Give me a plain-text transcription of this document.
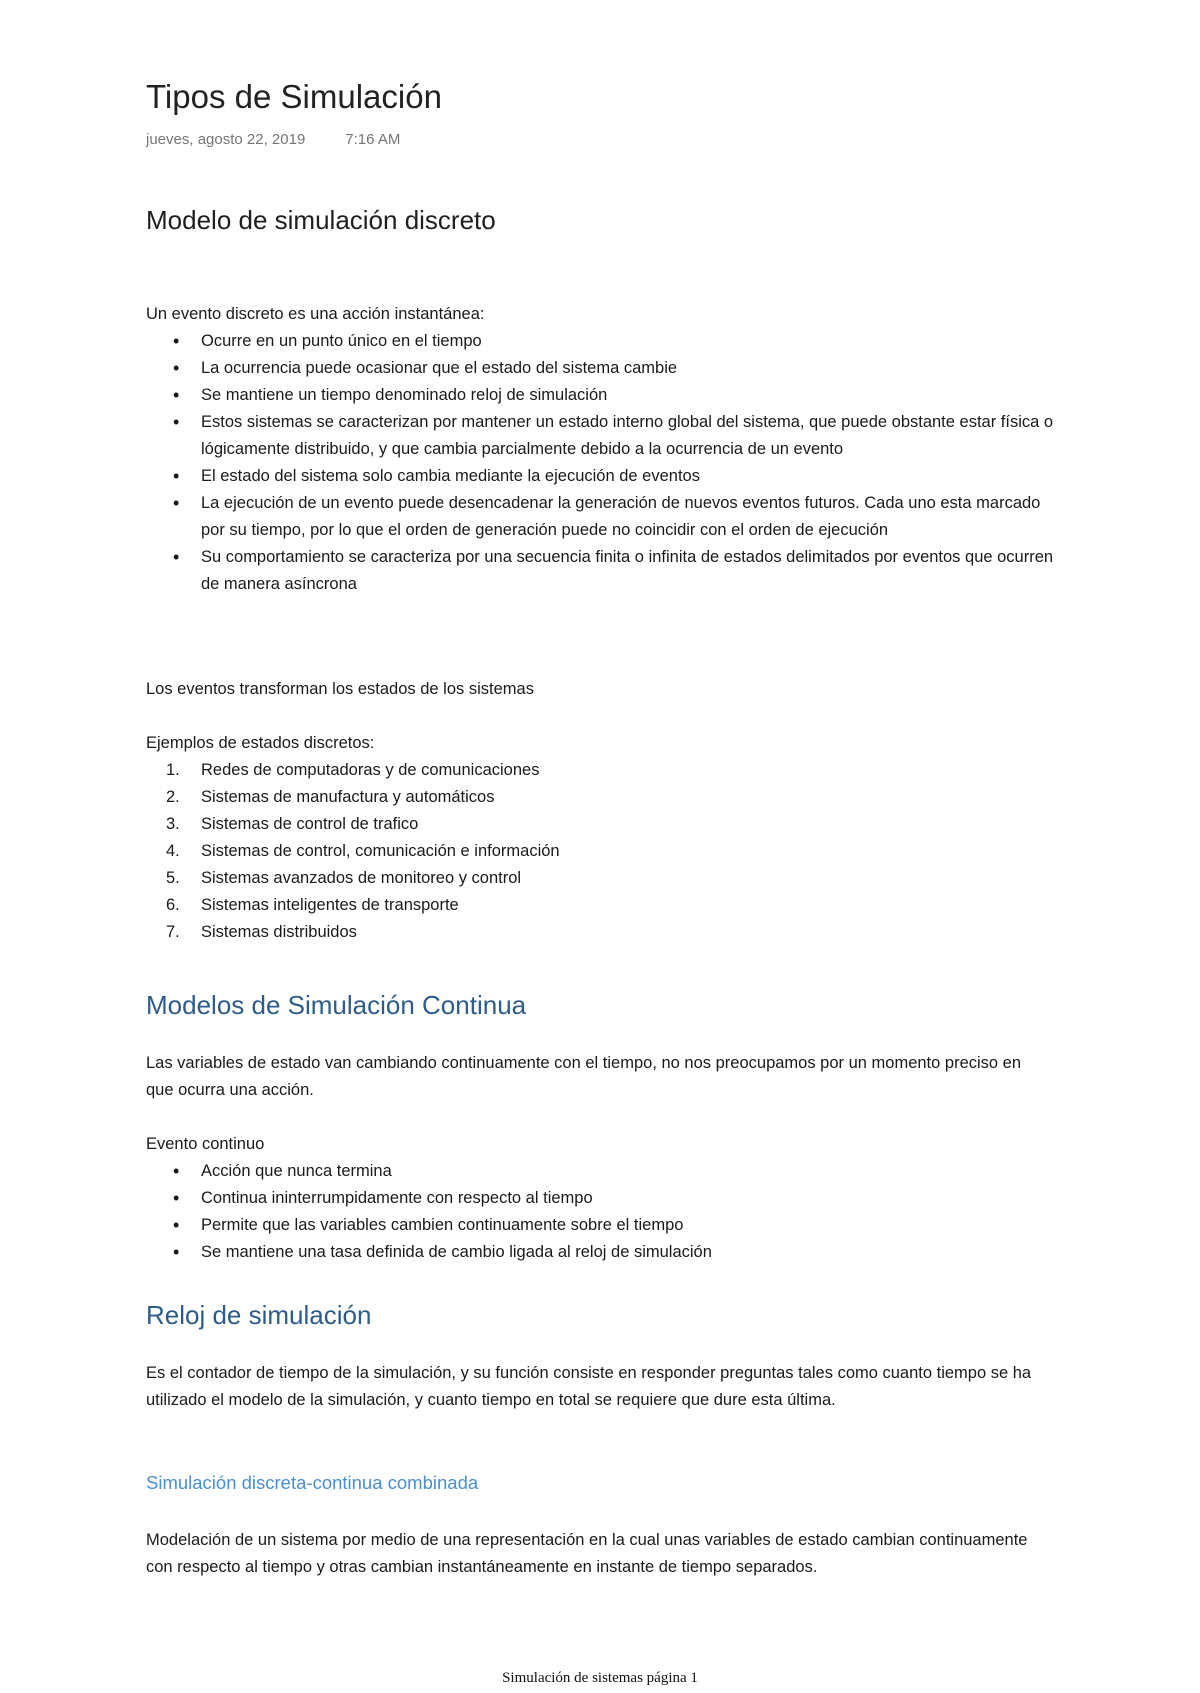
Tipos de Simulación
jueves, agosto 22, 2019	7:16 AM
Modelo de simulación discreto

Un evento discreto es una acción instantánea:

• Ocurre en un punto único en el tiempo
• La ocurrencia puede ocasionar que el estado del sistema cambie
• Se mantiene un tiempo denominado reloj de simulación
• Estos sistemas se caracterizan por mantener un estado interno global del sistema, que puede obstante estar física o lógicamente distribuido, y que cambia parcialmente debido a la ocurrencia de un evento
• El estado del sistema solo cambia mediante la ejecución de eventos
• La ejecución de un evento puede desencadenar la generación de nuevos eventos futuros. Cada uno esta marcado por su tiempo, por lo que el orden de generación puede no coincidir con el orden de ejecución
• Su comportamiento se caracteriza por una secuencia finita o infinita de estados delimitados por eventos que ocurren de manera asíncrona

Los eventos transforman los estados de los sistemas

Ejemplos de estados discretos:

1. Redes de computadoras y de comunicaciones
2. Sistemas de manufactura y automáticos
3. Sistemas de control de trafico
4. Sistemas de control, comunicación e información
5. Sistemas avanzados de monitoreo y control
6. Sistemas inteligentes de transporte
7. Sistemas distribuidos
Modelos de Simulación Continua

Las variables de estado van cambiando continuamente con el tiempo, no nos preocupamos por un momento preciso en que ocurra una acción.

Evento continuo

• Acción que nunca termina
• Continua ininterrumpidamente con respecto al tiempo
• Permite que las variables cambien continuamente sobre el tiempo
• Se mantiene una tasa definida de cambio ligada al reloj de simulación
Reloj de simulación

Es el contador de tiempo de la simulación, y su función consiste en responder preguntas tales como cuanto tiempo se ha utilizado el modelo de la simulación, y cuanto tiempo en total se requiere que dure esta última.

Simulación discreta-continua combinada

Modelación de un sistema por medio de una representación en la cual unas variables de estado cambian continuamente con respecto al tiempo y otras cambian instantáneamente en instante de tiempo separados.

Simulación de sistemas página 1
